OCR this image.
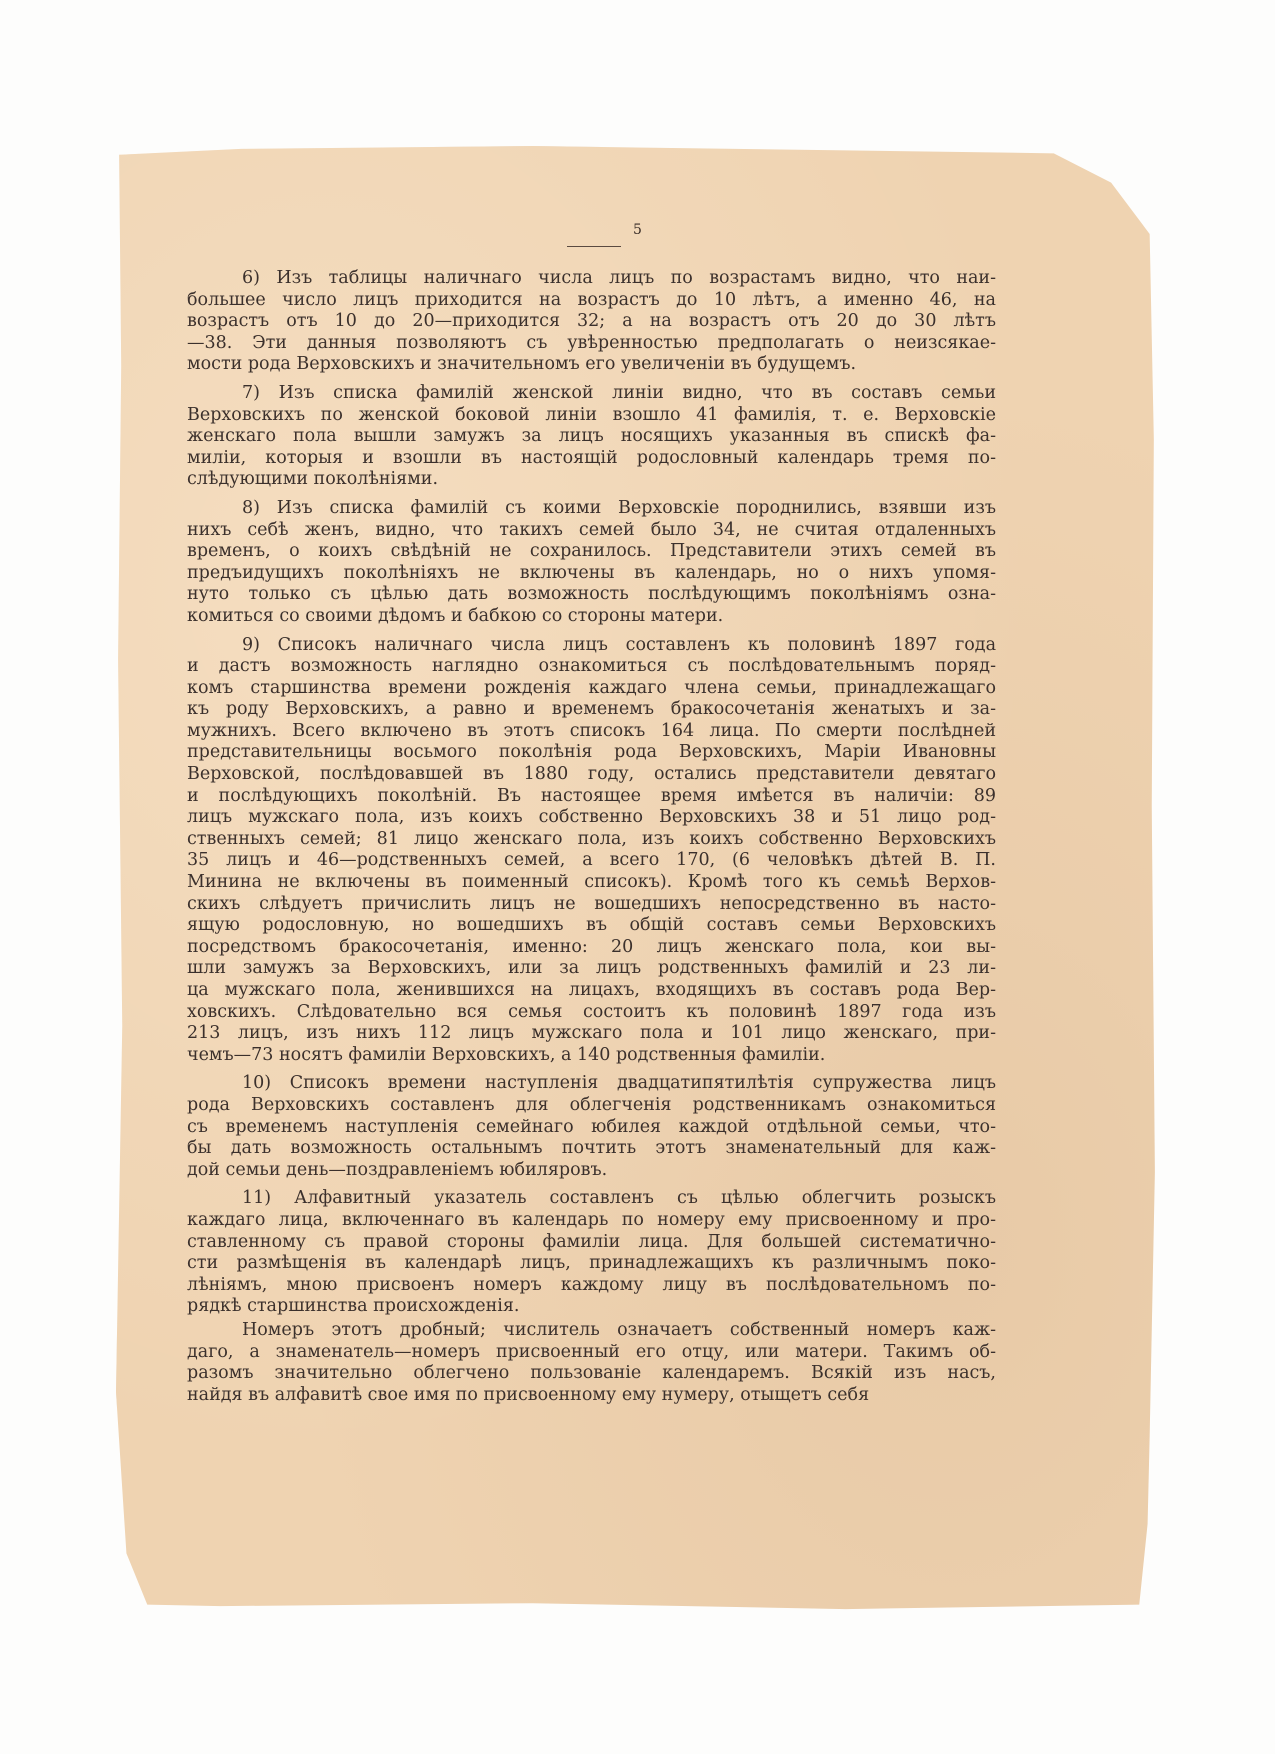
5
6) Изъ таблицы наличнаго числа лицъ по возрастамъ видно, что наи-
большее число лицъ приходится на возрастъ до 10 лѣтъ, а именно 46, на
возрастъ отъ 10 до 20—приходится 32; а на возрастъ отъ 20 до 30 лѣтъ
—38. Эти данныя позволяютъ съ увѣренностью предполагать о неизсякае-
мости рода Верховскихъ и значительномъ его увеличеніи въ будущемъ.
7) Изъ списка фамилій женской линіи видно, что въ составъ семьи
Верховскихъ по женской боковой линіи взошло 41 фамилія, т. е. Верховскіе
женскаго пола вышли замужъ за лицъ носящихъ указанныя въ спискѣ фа-
миліи, которыя и взошли въ настоящій родословный календарь тремя по-
слѣдующими поколѣніями.
8) Изъ списка фамилій съ коими Верховскіе породнились, взявши изъ
нихъ себѣ женъ, видно, что такихъ семей было 34, не считая отдаленныхъ
временъ, о коихъ свѣдѣній не сохранилось. Представители этихъ семей въ
предъидущихъ поколѣніяхъ не включены въ календарь, но о нихъ упомя-
нуто только съ цѣлью дать возможность послѣдующимъ поколѣніямъ озна-
комиться со своими дѣдомъ и бабкою со стороны матери.
9) Списокъ наличнаго числа лицъ составленъ къ половинѣ 1897 года
и дастъ возможность наглядно ознакомиться съ послѣдовательнымъ поряд-
комъ старшинства времени рожденія каждаго члена семьи, принадлежащаго
къ роду Верховскихъ, а равно и временемъ бракосочетанія женатыхъ и за-
мужнихъ. Всего включено въ этотъ списокъ 164 лица. По смерти послѣдней
представительницы восьмого поколѣнія рода Верховскихъ, Маріи Ивановны
Верховской, послѣдовавшей въ 1880 году, остались представители девятаго
и послѣдующихъ поколѣній. Въ настоящее время имѣется въ наличіи: 89
лицъ мужскаго пола, изъ коихъ собственно Верховскихъ 38 и 51 лицо род-
ственныхъ семей; 81 лицо женскаго пола, изъ коихъ собственно Верховскихъ
35 лицъ и 46—родственныхъ семей, а всего 170, (6 человѣкъ дѣтей В. П.
Минина не включены въ поименный списокъ). Кромѣ того къ семьѣ Верхов-
скихъ слѣдуетъ причислить лицъ не вошедшихъ непосредственно въ насто-
ящую родословную, но вошедшихъ въ общій составъ семьи Верховскихъ
посредствомъ бракосочетанія, именно: 20 лицъ женскаго пола, кои вы-
шли замужъ за Верховскихъ, или за лицъ родственныхъ фамилій и 23 ли-
ца мужскаго пола, женившихся на лицахъ, входящихъ въ составъ рода Вер-
ховскихъ. Слѣдовательно вся семья состоитъ къ половинѣ 1897 года изъ
213 лицъ, изъ нихъ 112 лицъ мужскаго пола и 101 лицо женскаго, при-
чемъ—73 носятъ фамиліи Верховскихъ, а 140 родственныя фамиліи.
10) Списокъ времени наступленія двадцатипятилѣтія супружества лицъ
рода Верховскихъ составленъ для облегченія родственникамъ ознакомиться
съ временемъ наступленія семейнаго юбилея каждой отдѣльной семьи, что-
бы дать возможность остальнымъ почтить этотъ знаменательный для каж-
дой семьи день—поздравленіемъ юбиляровъ.
11) Алфавитный указатель составленъ съ цѣлью облегчить розыскъ
каждаго лица, включеннаго въ календарь по номеру ему присвоенному и про-
ставленному съ правой стороны фамиліи лица. Для большей систематично-
сти размѣщенія въ календарѣ лицъ, принадлежащихъ къ различнымъ поко-
лѣніямъ, мною присвоенъ номеръ каждому лицу въ послѣдовательномъ по-
рядкѣ старшинства происхожденія.
Номеръ этотъ дробный; числитель означаетъ собственный номеръ каж-
даго, а знаменатель—номеръ присвоенный его отцу, или матери. Такимъ об-
разомъ значительно облегчено пользованіе календаремъ. Всякій изъ насъ,
найдя въ алфавитѣ свое имя по присвоенному ему нумеру, отыщетъ себя
